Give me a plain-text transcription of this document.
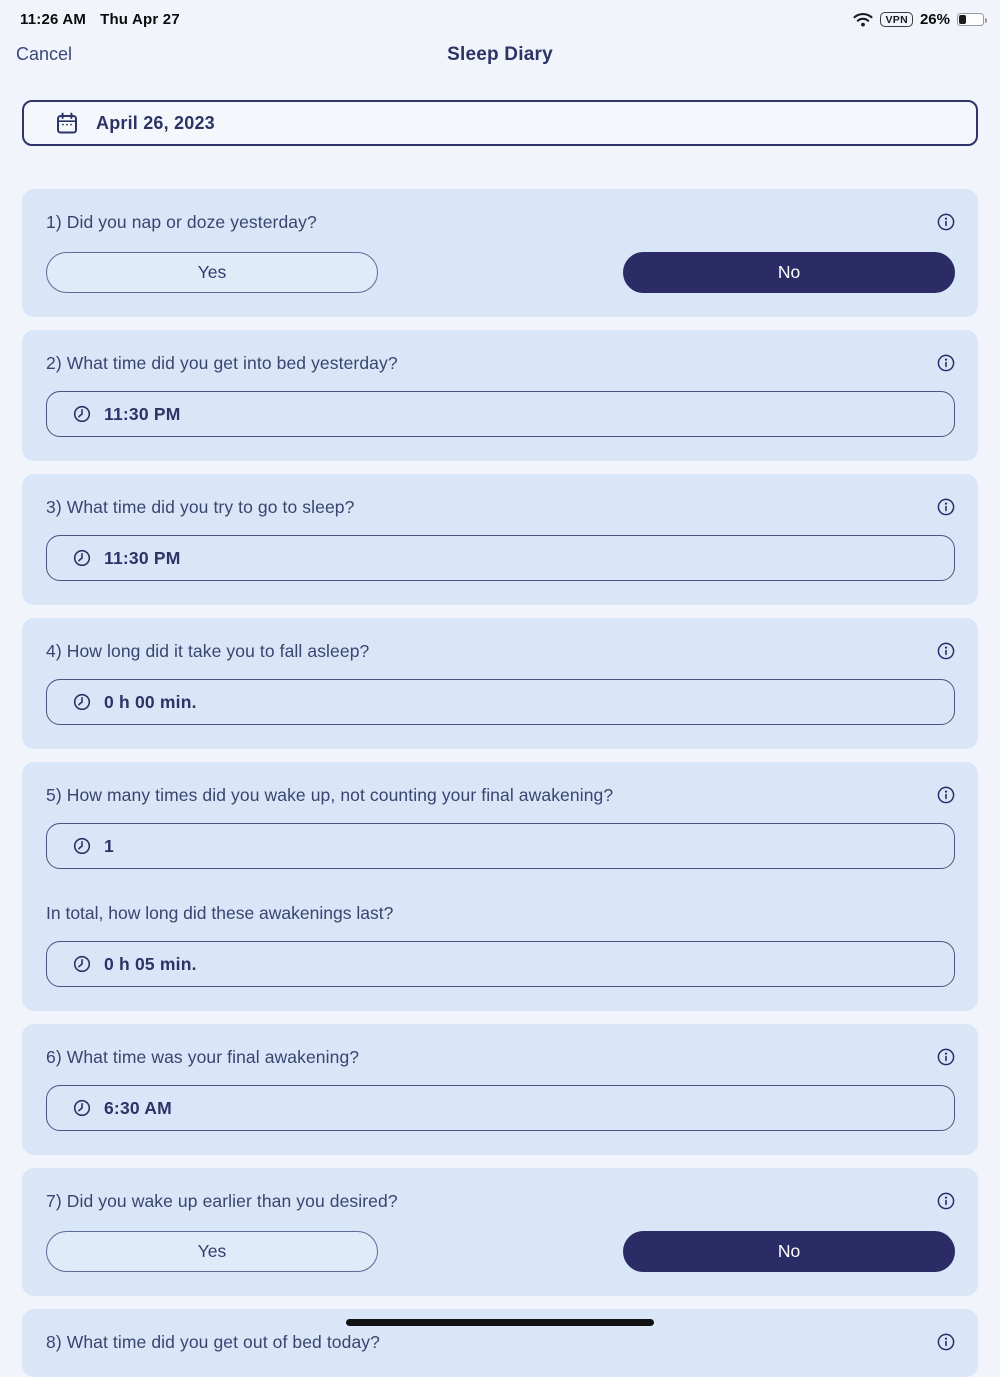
11:26 AM Thu Apr 27	VPN 26%
Cancel	Sleep Diary
April 26, 2023
1) Did you nap or doze yesterday?
Yes	No
2) What time did you get into bed yesterday?
11:30 PM
3) What time did you try to go to sleep?
11:30 PM
4) How long did it take you to fall asleep?
0 h 00 min.
5) How many times did you wake up, not counting your final awakening?
1
In total, how long did these awakenings last?
0 h 05 min.
6) What time was your final awakening?
6:30 AM
7) Did you wake up earlier than you desired?
Yes	No
8) What time did you get out of bed today?
